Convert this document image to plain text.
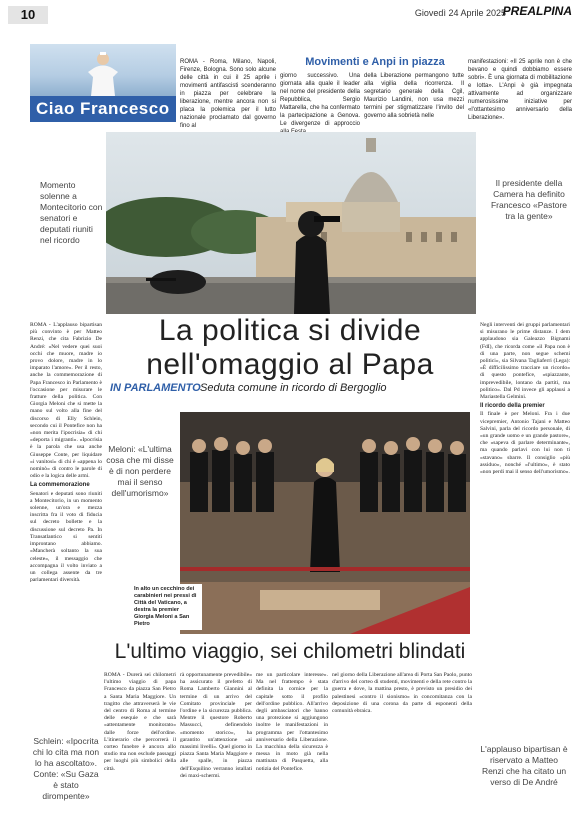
10	Giovedì 24 Aprile 2025
PREALPINA
Ciao Francesco
ROMA - Roma, Milano, Napoli, Firenze, Bologna. Sono solo alcune delle città in cui il 25 aprile i movimenti antifascisti scenderanno in piazza per celebrare la liberazione, mentre ancora non si placa la polemica per il lutto nazionale proclamato dal governo fino al
Movimenti e Anpi in piazza
giorno successivo. Una giornata alla quale il leader nel nome del presidente della Repubblica, Sergio Mattarella, che ha confermato la partecipazione a Genova. Le divergenze di approccio
della Liberazione permangono tutte alla vigilia della ricorrenza. Il segretario generale della Cgil, Maurizio Landini, non usa mezzi termini per stigmatizzare l'invito del governo alla sobrietà nelle
manifestazioni: «Il 25 aprile non è che bevano e quindi dobbiamo essere sobri». È una giornata di mobilitazione e lotta». L'Anpi è già impegnata attivamente ad organizzare numerosissime iniziative per «l'ottantesimo anniversario della Liberazione».
Momento solenne a Montecitorio con senatori e deputati riuniti nel ricordo
Il presidente della Camera ha definito Francesco «Pastore tra la gente»
La politica si divide
nell'omaggio al Papa
IN PARLAMENTO Seduta comune in ricordo di Bergoglio
ROMA - L'applauso bipartisan più convinto è per Matteo Renzi, che cita Fabrizio De André: «Nel vedere quei suoi occhi che muore, madre io provo dolore, madre in lo imparato l'amore». Per il resto, anche la commemorazione di Papa Francesco in Parlamento è l'occasione per misurare le fratture della politica. Con Giorgia Meloni che si mette la mano sul volto alla fine del discorso di Elly Schlein, secondo cui il Pontefice non ha «non merita l'ipocrisia» di chi «deporta i migranti». «Ipocrisia è la parola che usa anche Giuseppe Conte, per liquidare «i vanitosi» di chi è «appena lo nominò» di contro le parole di odio e la logica delle armi.
La commemorazione
Senatori e deputati sono riuniti a Montecitorio, in un momento solenne, un'ora e mezza inscritta fra il voto di fiducia sul decreto bollette e la discussione sul decreto Pa. In Transatlantico si sentiti improntano abbiamo. «Mancherà soltanto la sua celeste», il messaggio che accompagna il volto inviato a un collega assente da tre parlamentari diversità.
Negli interventi dei gruppi parlamentari si misurano le prime distanze. I dem applaudono sia Galeazzo Bignami (FdI), che ricorda come «il Papa non è di una parte, non segue schemi politici», sia Silvana Tagliaferri (Lega): «È difficilissimo tracciare un ricordo» di questo pontefice, «spiazzante, imprevedibile, lontano da partiti, ma politico». Dal Pd invece gli applausi a Mariastella Gelmini.
Il ricordo della premier
Il finale è per Meloni. Fra i due vicepremier, Antonio Tajani e Matteo Salvini, parla del ricordo personale, di «un grande uomo e un grande pastore», che «sapeva di parlare determinante», ma quando parlavi con lui non ti «stavano» sbarre. Il consiglio «più assiduo», nonché «l'ultimo», è stato «non perdi mai il senso dell'umorismo».
Meloni: «L'ultima cosa che mi disse è di non perdere mai il senso dell'umorismo»
In alto un cecchino dei carabinieri nei pressi di Città del Vaticano, a destra la premier Giorgia Meloni a San Pietro
L'ultimo viaggio, sei chilometri blindati
ROMA - Durerà sei chilometri l'ultimo viaggio di papa Francesco da piazza San Pietro a Santa Maria Maggiore. Un tragitto che attraverserà le vie del centro di Roma al termine delle esequie e che sarà «attentamente monitorato» dalle forze dell'ordine. L'itinerario che percorrerà il corteo funebre è ancora allo studio ma non esclude passaggi per luoghi più simbolici della città.
rà opportunamente prevedibile» ha assicurato il prefetto di Roma Lamberto Giannini al termine di un arrivo del Comitato provinciale per l'ordine e la sicurezza pubblica. Mentre il questore Roberto Massucci, definendolo «momento storico», ha garantito un'attenzione «ai massimi livelli». Quel giorno in piazza Santa Maria Maggiore e alle spalle, in piazza dell'Esquilino verranno istallati dei maxi-schermi.
me un particolare interesse». Ma nel frattempo è stata definita la cornice per la capitale sotto il profilo dell'ordine pubblico. All'arrivo degli ambasciatori che hanno una protezione si aggiungono inoltre le manifestazioni in programma per l'ottantesimo anniversario della Liberazione. La macchina della sicurezza è messa in moto già nella mattinata di Pasquetta, alla notizia del Pontefice.
nel giorno della Liberazione all'area di Porta San Paolo, punto d'arrivo del corteo di studenti, movimenti e della rete contro la guerra e dove, la mattina presto, è previsto un presidio dei palestinesi «contro il sionismo» in concomitanza con la deposizione di una corona da parte di esponenti della comunità ebraica.
Schlein: «Ipocrita chi lo cita ma non lo ha ascoltato». Conte: «Su Gaza è stato dirompente»
L'applauso bipartisan è riservato a Matteo Renzi che ha citato un verso di De André
